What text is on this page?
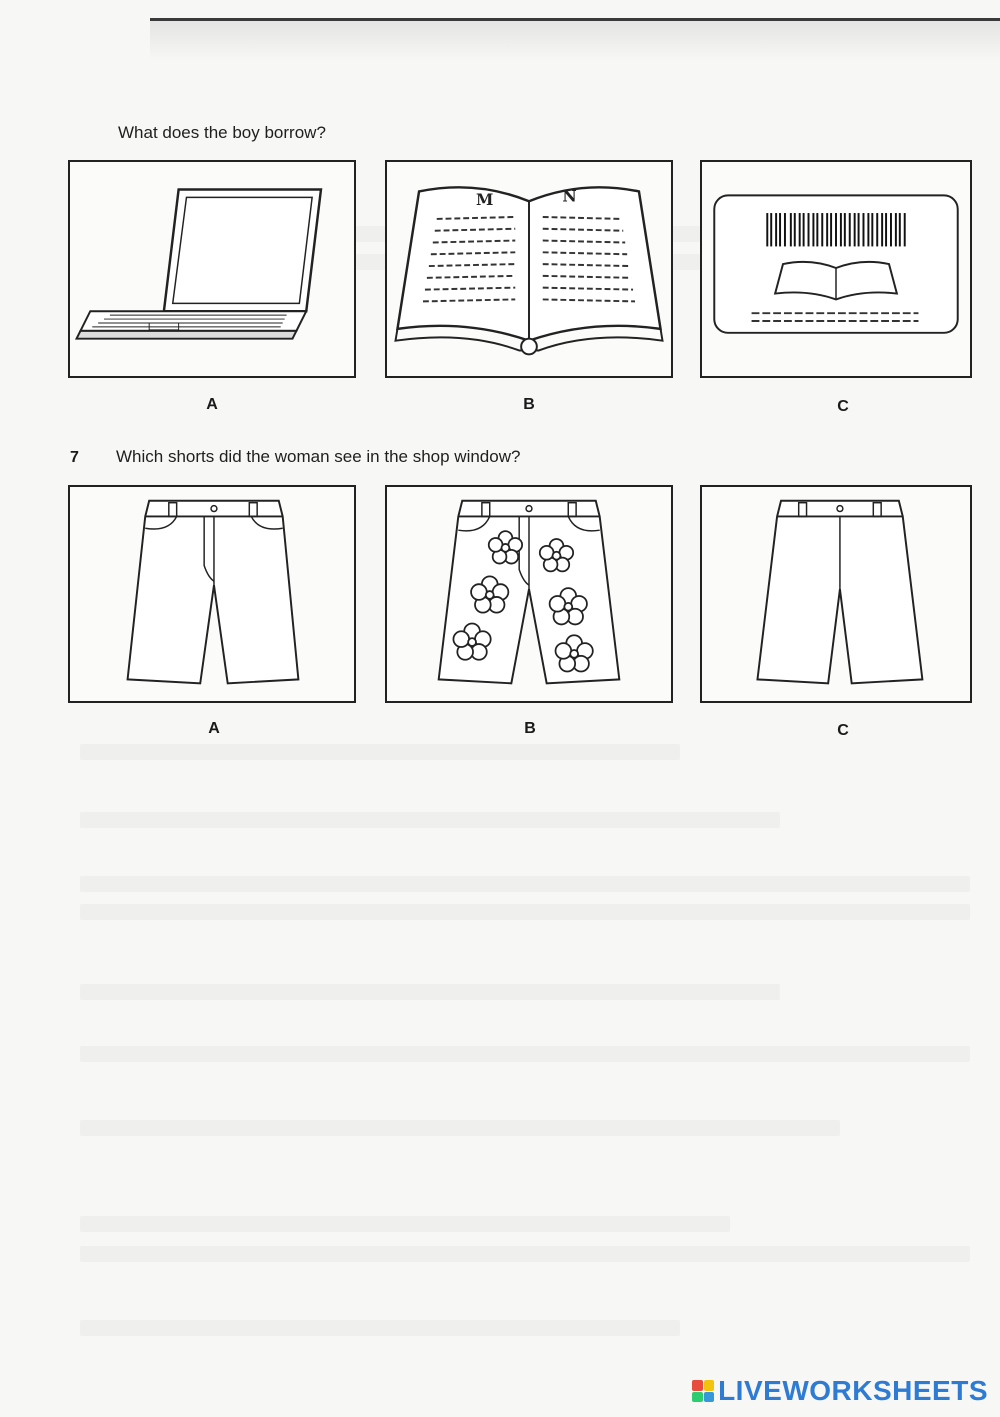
What does the boy borrow?
M	N
A	B	C
7 Which shorts did the woman see in the shop window?
A	B	C
LIVEWORKSHEETS
